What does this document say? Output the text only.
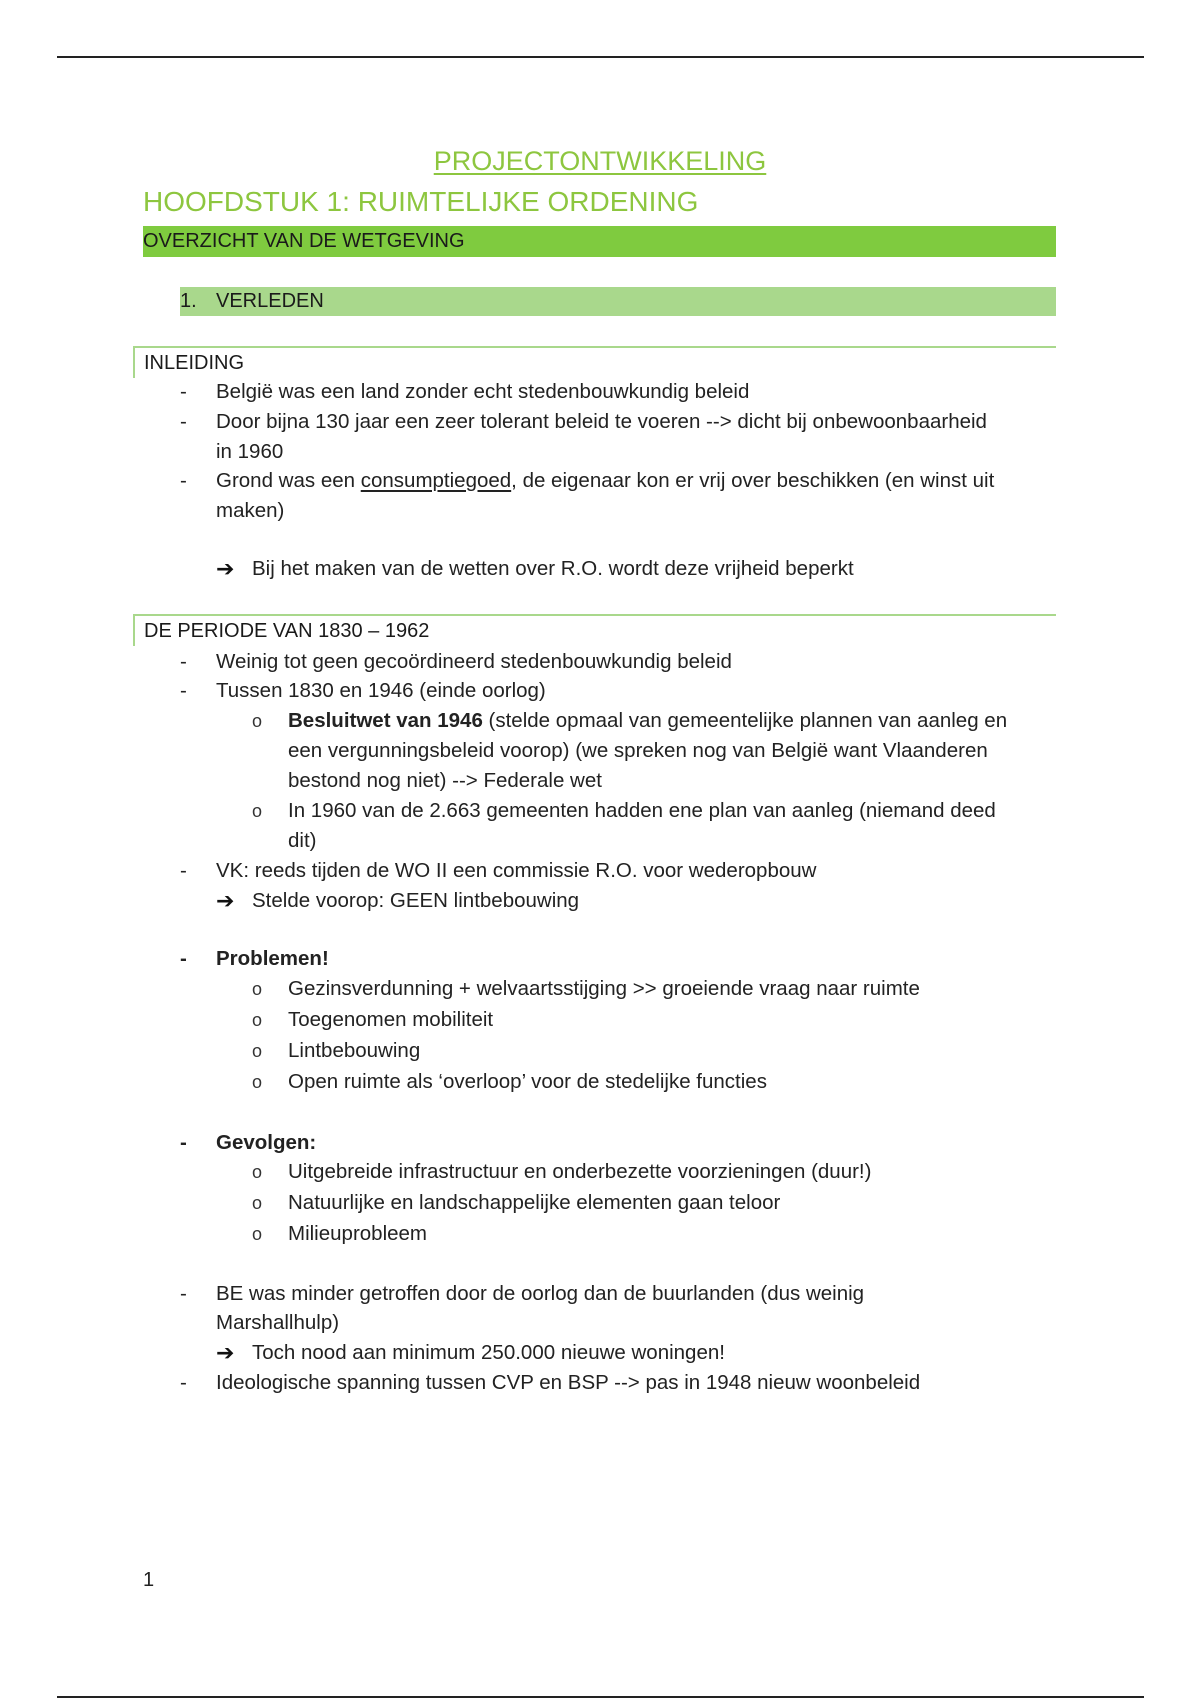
PROJECTONTWIKKELING
HOOFDSTUK 1: RUIMTELIJKE ORDENING
OVERZICHT VAN DE WETGEVING
1. VERLEDEN
INLEIDING
- België was een land zonder echt stedenbouwkundig beleid
- Door bijna 130 jaar een zeer tolerant beleid te voeren --> dicht bij onbewoonbaarheid
in 1960
- Grond was een consumptiegoed, de eigenaar kon er vrij over beschikken (en winst uit
maken)
➔ Bij het maken van de wetten over R.O. wordt deze vrijheid beperkt
DE PERIODE VAN 1830 – 1962
- Weinig tot geen gecoördineerd stedenbouwkundig beleid
- Tussen 1830 en 1946 (einde oorlog)
o Besluitwet van 1946 (stelde opmaal van gemeentelijke plannen van aanleg en
een vergunningsbeleid voorop) (we spreken nog van België want Vlaanderen
bestond nog niet) --> Federale wet
o In 1960 van de 2.663 gemeenten hadden ene plan van aanleg (niemand deed
dit)
- VK: reeds tijden de WO II een commissie R.O. voor wederopbouw
➔ Stelde voorop: GEEN lintbebouwing
- Problemen!
o Gezinsverdunning + welvaartsstijging >> groeiende vraag naar ruimte
o Toegenomen mobiliteit
o Lintbebouwing
o Open ruimte als ‘overloop’ voor de stedelijke functies
- Gevolgen:
o Uitgebreide infrastructuur en onderbezette voorzieningen (duur!)
o Natuurlijke en landschappelijke elementen gaan teloor
o Milieuprobleem
- BE was minder getroffen door de oorlog dan de buurlanden (dus weinig
Marshallhulp)
➔ Toch nood aan minimum 250.000 nieuwe woningen!
- Ideologische spanning tussen CVP en BSP --> pas in 1948 nieuw woonbeleid
1
